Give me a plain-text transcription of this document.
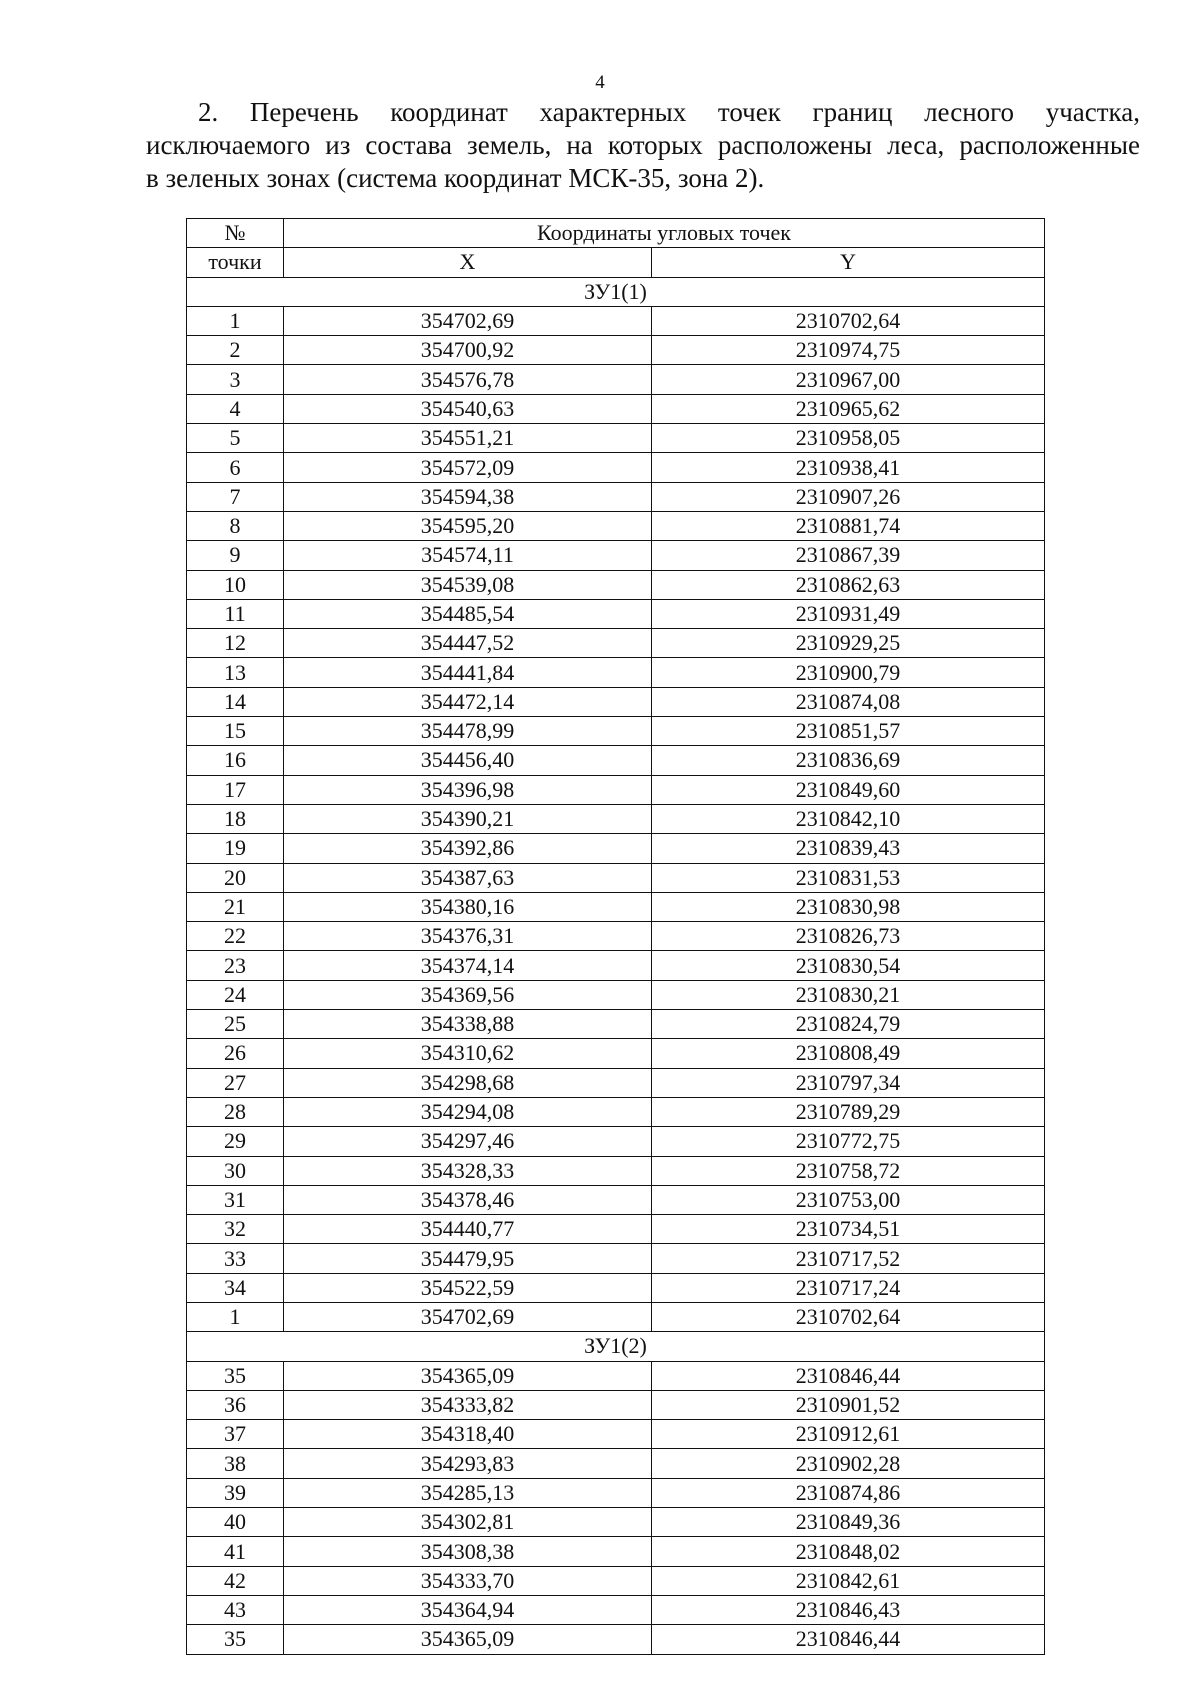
4
2. Перечень координат характерных точек границ лесного участка,
исключаемого из состава земель, на которых расположены леса, расположенные
в зеленых зонах (система координат МСК-35, зона 2).
№	Координаты угловых точек	
точки	X	Y
ЗУ1(1)		
1	354702,69	2310702,64
2	354700,92	2310974,75
3	354576,78	2310967,00
4	354540,63	2310965,62
5	354551,21	2310958,05
6	354572,09	2310938,41
7	354594,38	2310907,26
8	354595,20	2310881,74
9	354574,11	2310867,39
10	354539,08	2310862,63
11	354485,54	2310931,49
12	354447,52	2310929,25
13	354441,84	2310900,79
14	354472,14	2310874,08
15	354478,99	2310851,57
16	354456,40	2310836,69
17	354396,98	2310849,60
18	354390,21	2310842,10
19	354392,86	2310839,43
20	354387,63	2310831,53
21	354380,16	2310830,98
22	354376,31	2310826,73
23	354374,14	2310830,54
24	354369,56	2310830,21
25	354338,88	2310824,79
26	354310,62	2310808,49
27	354298,68	2310797,34
28	354294,08	2310789,29
29	354297,46	2310772,75
30	354328,33	2310758,72
31	354378,46	2310753,00
32	354440,77	2310734,51
33	354479,95	2310717,52
34	354522,59	2310717,24
1	354702,69	2310702,64
ЗУ1(2)		
35	354365,09	2310846,44
36	354333,82	2310901,52
37	354318,40	2310912,61
38	354293,83	2310902,28
39	354285,13	2310874,86
40	354302,81	2310849,36
41	354308,38	2310848,02
42	354333,70	2310842,61
43	354364,94	2310846,43
35	354365,09	2310846,44
